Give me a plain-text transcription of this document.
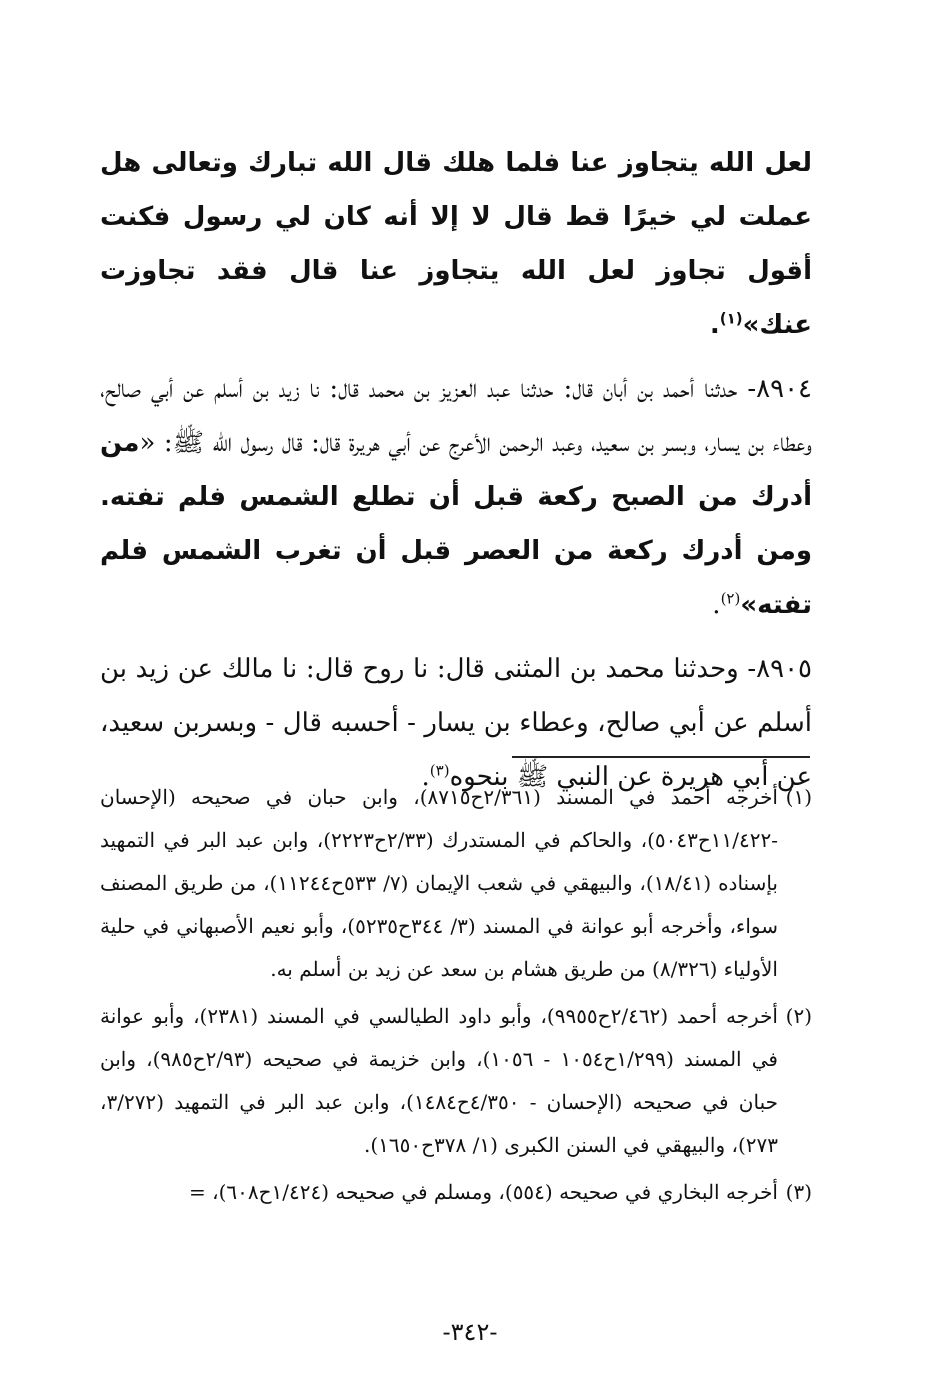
لعل الله يتجاوز عنا فلما هلك قال الله تبارك وتعالى هل عملت لي خيرًا قط قال لا إلا أنه كان لي رسول فكنت أقول تجاوز لعل الله يتجاوز عنا قال فقد تجاوزت عنك»$^{(١)}$.

٨٩٠٤- حدثنا أحمد بن أبان قال: حدثنا عبد العزيز بن محمد قال: نا زيد بن أسلم عن أبي صالح، وعطاء بن يسار، وبسر بن سعيد، وعبد الرحمن الأعرج عن أبي هريرة قال: قال رسول الله ﷺ: «من أدرك من الصبح ركعة قبل أن تطلع الشمس فلم تفته. ومن أدرك ركعة من العصر قبل أن تغرب الشمس فلم تفته»$^{(٢)}$.

٨٩٠٥- وحدثنا محمد بن المثنى قال: نا روح قال: نا مالك عن زيد بن أسلم عن أبي صالح، وعطاء بن يسار - أحسبه قال - وبسربن سعيد، عن أبي هريرة عن النبي ﷺ بنحوه$^{(٣)}$.

(١)
أخرجه أحمد في المسند (٢/٣٦١ح٨٧١٥)، وابن حبان في صحيحه (الإحسان -١١/٤٢٢ح٥٠٤٣)، والحاكم في المستدرك (٢/٣٣ح٢٢٢٣)، وابن عبد البر في التمهيد بإسناده (١٨/٤١)، والبيهقي في شعب الإيمان (٧/ ٥٣٣ح١١٢٤٤)، من طريق المصنف سواء، وأخرجه أبو عوانة في المسند (٣/ ٣٤٤ح٥٢٣٥)، وأبو نعيم الأصبهاني في حلية الأولياء (٨/٣٢٦) من طريق هشام بن سعد عن زيد بن أسلم به.

(٢)
أخرجه أحمد (٢/٤٦٢ح٩٩٥٥)، وأبو داود الطيالسي في المسند (٢٣٨١)، وأبو عوانة في المسند (١/٢٩٩ح١٠٥٤ - ١٠٥٦)، وابن خزيمة في صحيحه (٢/٩٣ح٩٨٥)، وابن حبان في صحيحه (الإحسان - ٤/٣٥٠ح١٤٨٤)، وابن عبد البر في التمهيد (٣/٢٧٢، ٢٧٣)، والبيهقي في السنن الكبرى (١/ ٣٧٨ح١٦٥٠).

(٣)
أخرجه البخاري في صحيحه (٥٥٤)، ومسلم في صحيحه (١/٤٢٤ح٦٠٨)، =

-٣٤٢-
